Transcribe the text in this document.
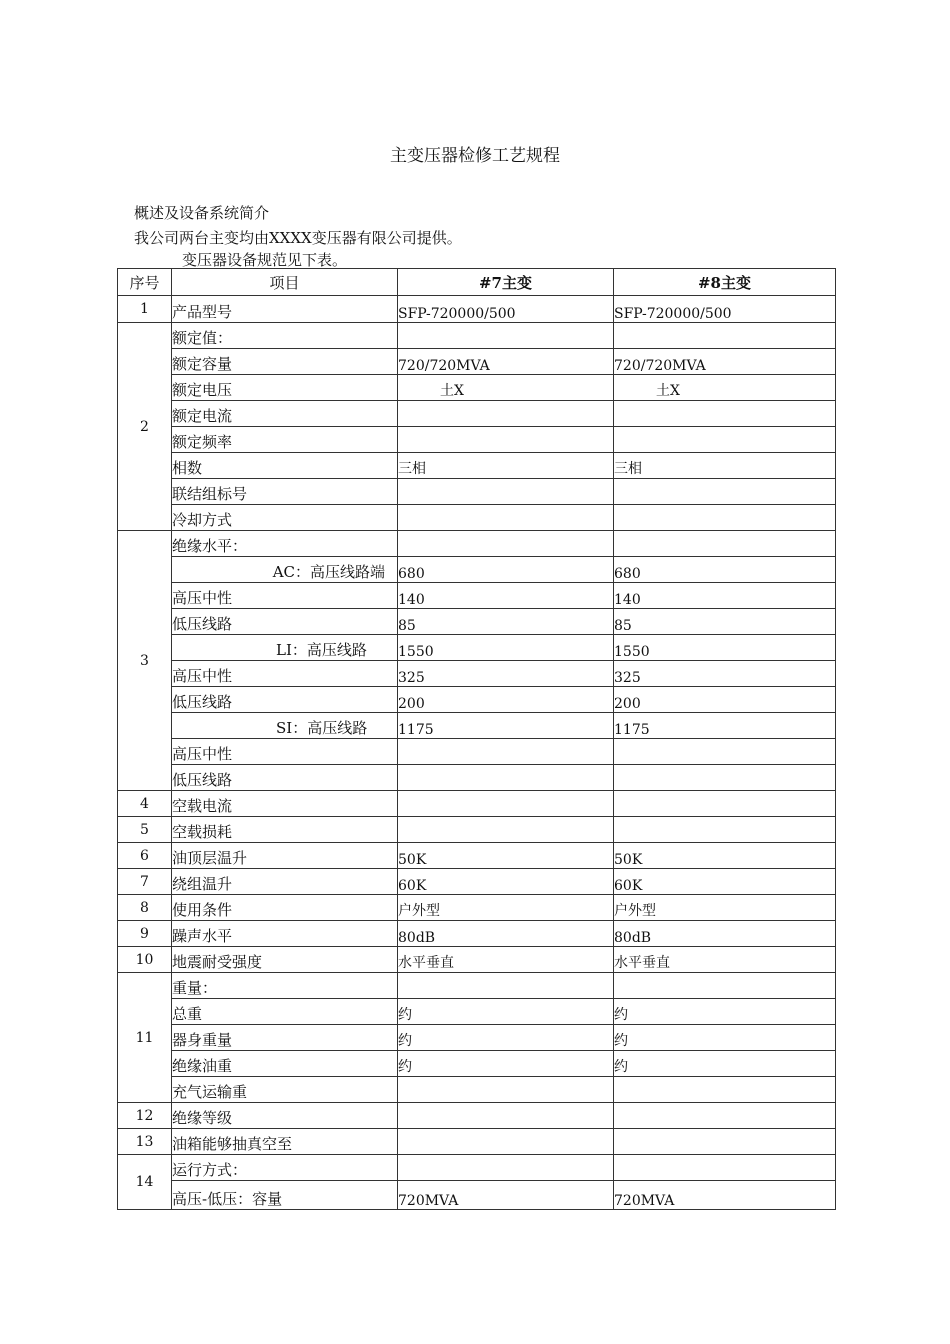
主变压器检修工艺规程
概述及设备系统简介
我公司两台主变均由XXXX变压器有限公司提供。
变压器设备规范见下表。
序号	项目	#7主变	#8主变
1	产品型号	SFP-720000/500	SFP-720000/500
2	额定值：		
	额定容量	720/720MVA	720/720MVA
	额定电压	土X	土X
	额定电流		
	额定频率		
	相数	三相	三相
	联结组标号		
	冷却方式		
3	绝缘水平：		
	AC：高压线路端	680	680
	高压中性	140	140
	低压线路	85	85
	LI：高压线路	1550	1550
	高压中性	325	325
	低压线路	200	200
	SI：高压线路	1175	1175
	高压中性		
	低压线路		
4	空载电流		
5	空载损耗		
6	油顶层温升	50K	50K
7	绕组温升	60K	60K
8	使用条件	户外型	户外型
9	躁声水平	80dB	80dB
10	地震耐受强度	水平垂直	水平垂直
11	重量：		
	总重	约	约
	器身重量	约	约
	绝缘油重	约	约
	充气运输重		
12	绝缘等级		
13	油箱能够抽真空至		
14	运行方式：		
	高压-低压：容量	720MVA	720MVA
